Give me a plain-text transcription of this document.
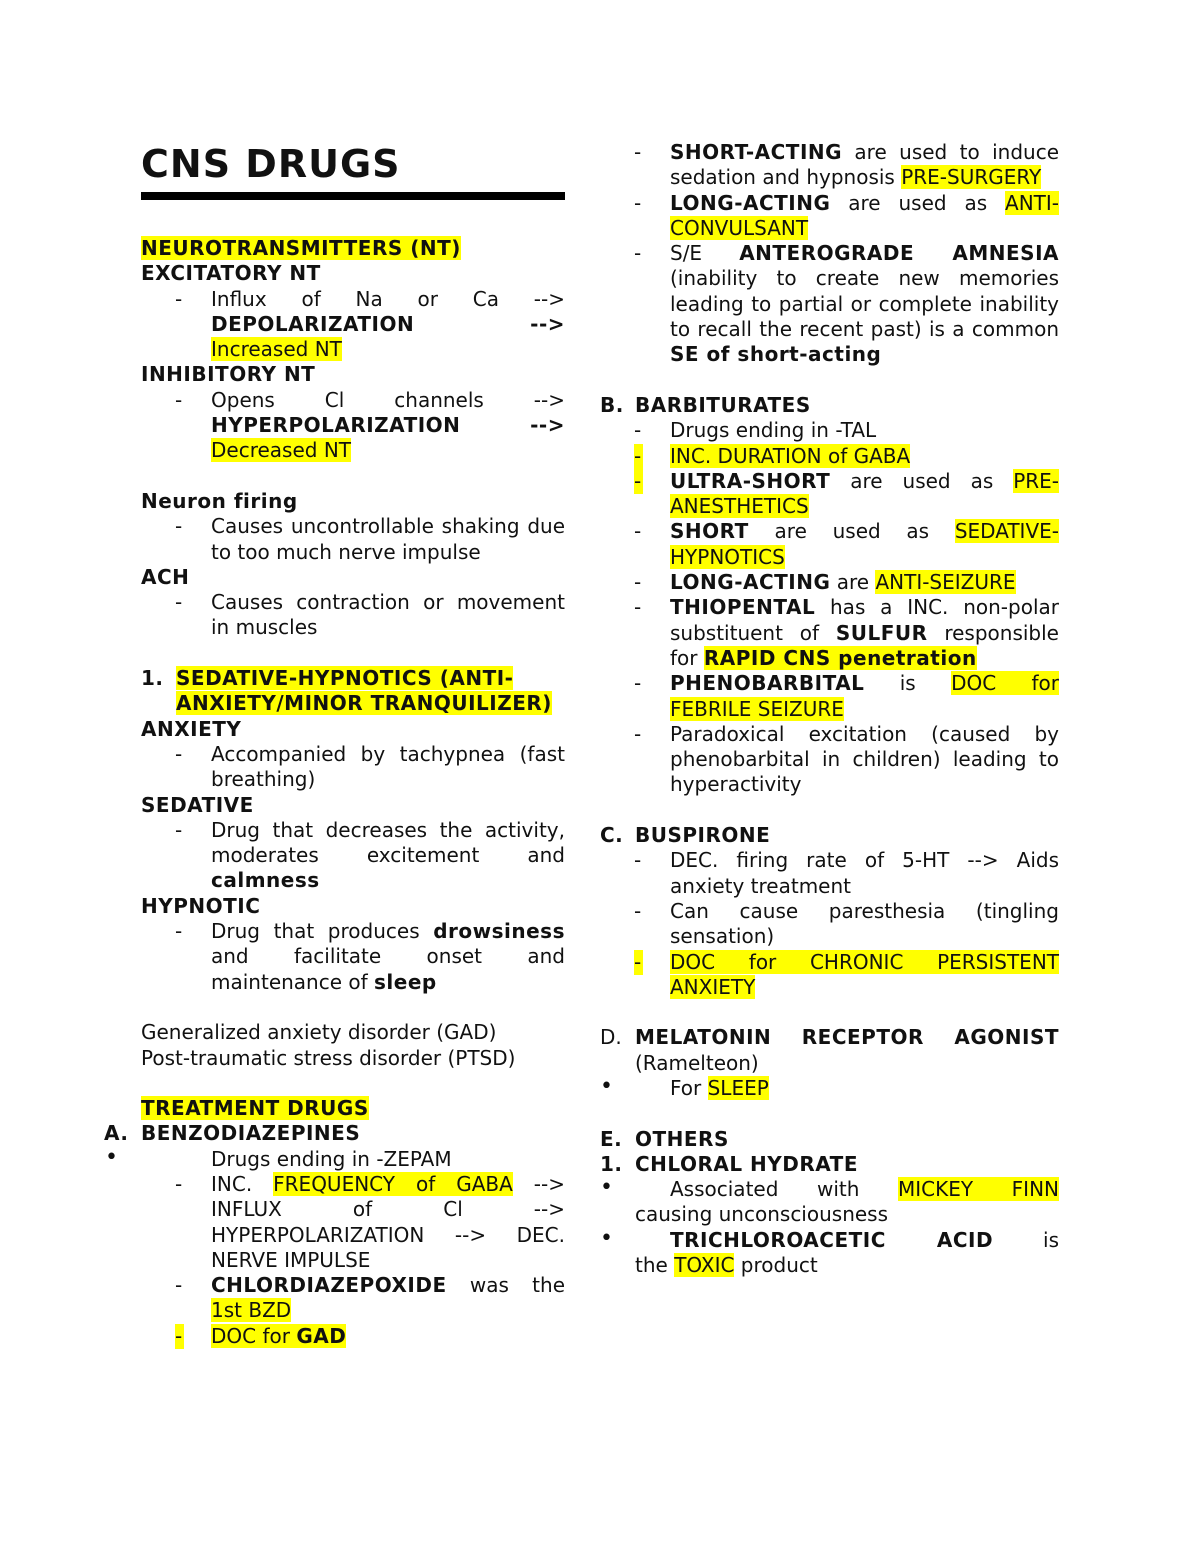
CNS DRUGS
NEUROTRANSMITTERS (NT)
EXCITATORY NT
- Influx of Na or Ca -->
DEPOLARIZATION -->
Increased NT
INHIBITORY NT
- Opens Cl channels -->
HYPERPOLARIZATION -->
Decreased NT
Neuron firing
- Causes uncontrollable shaking due to too much nerve impulse
ACH
- Causes contraction or movement in muscles
1. SEDATIVE-HYPNOTICS (ANTI-ANXIETY/MINOR TRANQUILIZER)
ANXIETY
- Accompanied by tachypnea (fast breathing)
SEDATIVE
- Drug that decreases the activity, moderates excitement and calmness
HYPNOTIC
- Drug that produces drowsiness and facilitate onset and maintenance of sleep
Generalized anxiety disorder (GAD)
Post-traumatic stress disorder (PTSD)
TREATMENT DRUGS
A. BENZODIAZEPINES
•	Drugs ending in -ZEPAM
- INC. FREQUENCY of GABA --> INFLUX of Cl --> HYPERPOLARIZATION --> DEC. NERVE IMPULSE
- CHLORDIAZEPOXIDE was the 1st BZD
- DOC for GAD
- SHORT-ACTING are used to induce sedation and hypnosis PRE-SURGERY
- LONG-ACTING are used as ANTI-CONVULSANT
- S/E ANTEROGRADE AMNESIA (inability to create new memories leading to partial or complete inability to recall the recent past) is a common SE of short-acting
B. BARBITURATES
- Drugs ending in -TAL
- INC. DURATION of GABA
- ULTRA-SHORT are used as PRE-ANESTHETICS
- SHORT are used as SEDATIVE-HYPNOTICS
- LONG-ACTING are ANTI-SEIZURE
- THIOPENTAL has a INC. non-polar substituent of SULFUR responsible for RAPID CNS penetration
- PHENOBARBITAL is DOC for FEBRILE SEIZURE
- Paradoxical excitation (caused by phenobarbital in children) leading to hyperactivity
C. BUSPIRONE
- DEC. firing rate of 5-HT --> Aids anxiety treatment
- Can cause paresthesia (tingling sensation)
- DOC for CHRONIC PERSISTENT ANXIETY
D. MELATONIN RECEPTOR AGONIST
(Ramelteon)
•	For SLEEP
E. OTHERS
1. CHLORAL HYDRATE
•	Associated with MICKEY FINN
causing unconsciousness
•	TRICHLOROACETIC ACID is
the TOXIC product
